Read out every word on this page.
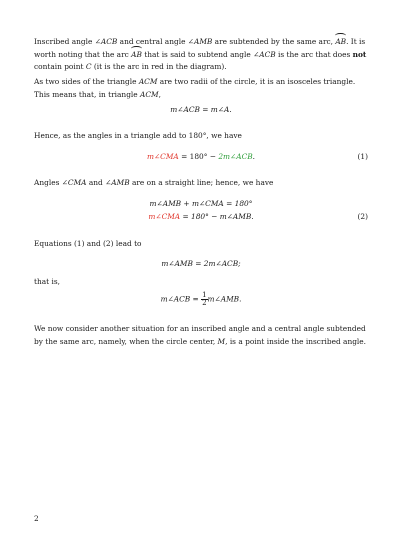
Inscribed angle ∠ACB and central angle ∠AMB are subtended by the same arc, AB. It is worth noting that the arc AB that is said to subtend angle ∠ACB is the arc that does not contain point C (it is the arc in red in the diagram).

As two sides of the triangle ACM are two radii of the circle, it is an isosceles triangle. This means that, in triangle ACM,

m∠ACB = m∠A.

Hence, as the angles in a triangle add to 180°, we have

m∠CMA = 180° − 2m∠ACB.	(1)

Angles ∠CMA and ∠AMB are on a straight line; hence, we have

m∠AMB + m∠CMA = 180°
m∠CMA = 180° − m∠AMB.	(2)

Equations (1) and (2) lead to

m∠AMB = 2m∠ACB;

that is,

m∠ACB = $\frac{1}{2}$ m∠AMB.

We now consider another situation for an inscribed angle and a central angle subtended by the same arc, namely, when the circle center, M, is a point inside the inscribed angle.

2
